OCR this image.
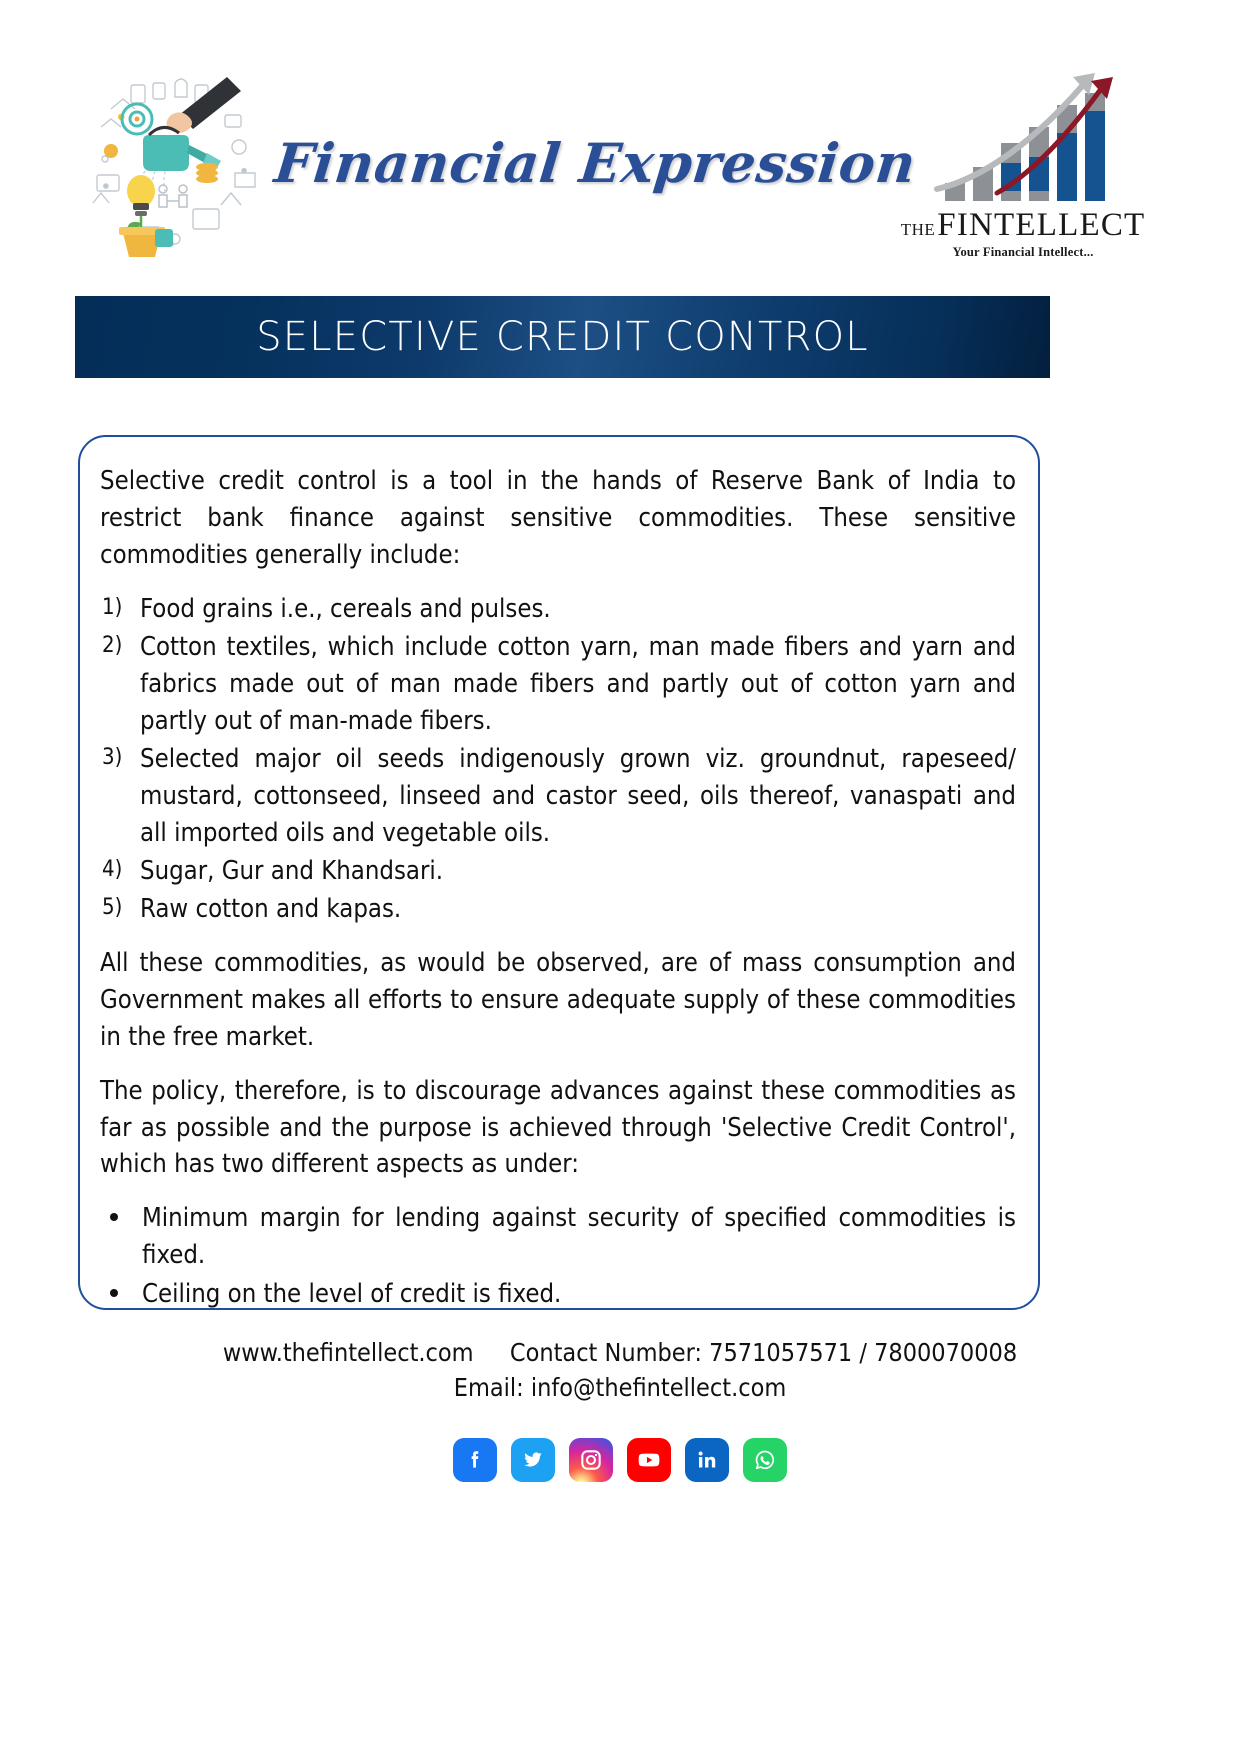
Financial Expression
THE FINTELLECT
Your Financial Intellect...
SELECTIVE CREDIT CONTROL

Selective credit control is a tool in the hands of Reserve Bank of India to restrict bank finance against sensitive commodities. These sensitive commodities generally include:

1) Food grains i.e., cereals and pulses.
2) Cotton textiles, which include cotton yarn, man made fibers and yarn and fabrics made out of man made fibers and partly out of cotton yarn and partly out of man-made fibers.
3) Selected major oil seeds indigenously grown viz. groundnut, rapeseed/ mustard, cottonseed, linseed and castor seed, oils thereof, vanaspati and all imported oils and vegetable oils.
4) Sugar, Gur and Khandsari.
5) Raw cotton and kapas.

All these commodities, as would be observed, are of mass consumption and Government makes all efforts to ensure adequate supply of these commodities in the free market.

The policy, therefore, is to discourage advances against these commodities as far as possible and the purpose is achieved through 'Selective Credit Control', which has two different aspects as under:

Minimum margin for lending against security of specified commodities is fixed.
Ceiling on the level of credit is fixed.
www.thefintellect.com Contact Number: 7571057571 / 7800070008
Email: info@thefintellect.com
